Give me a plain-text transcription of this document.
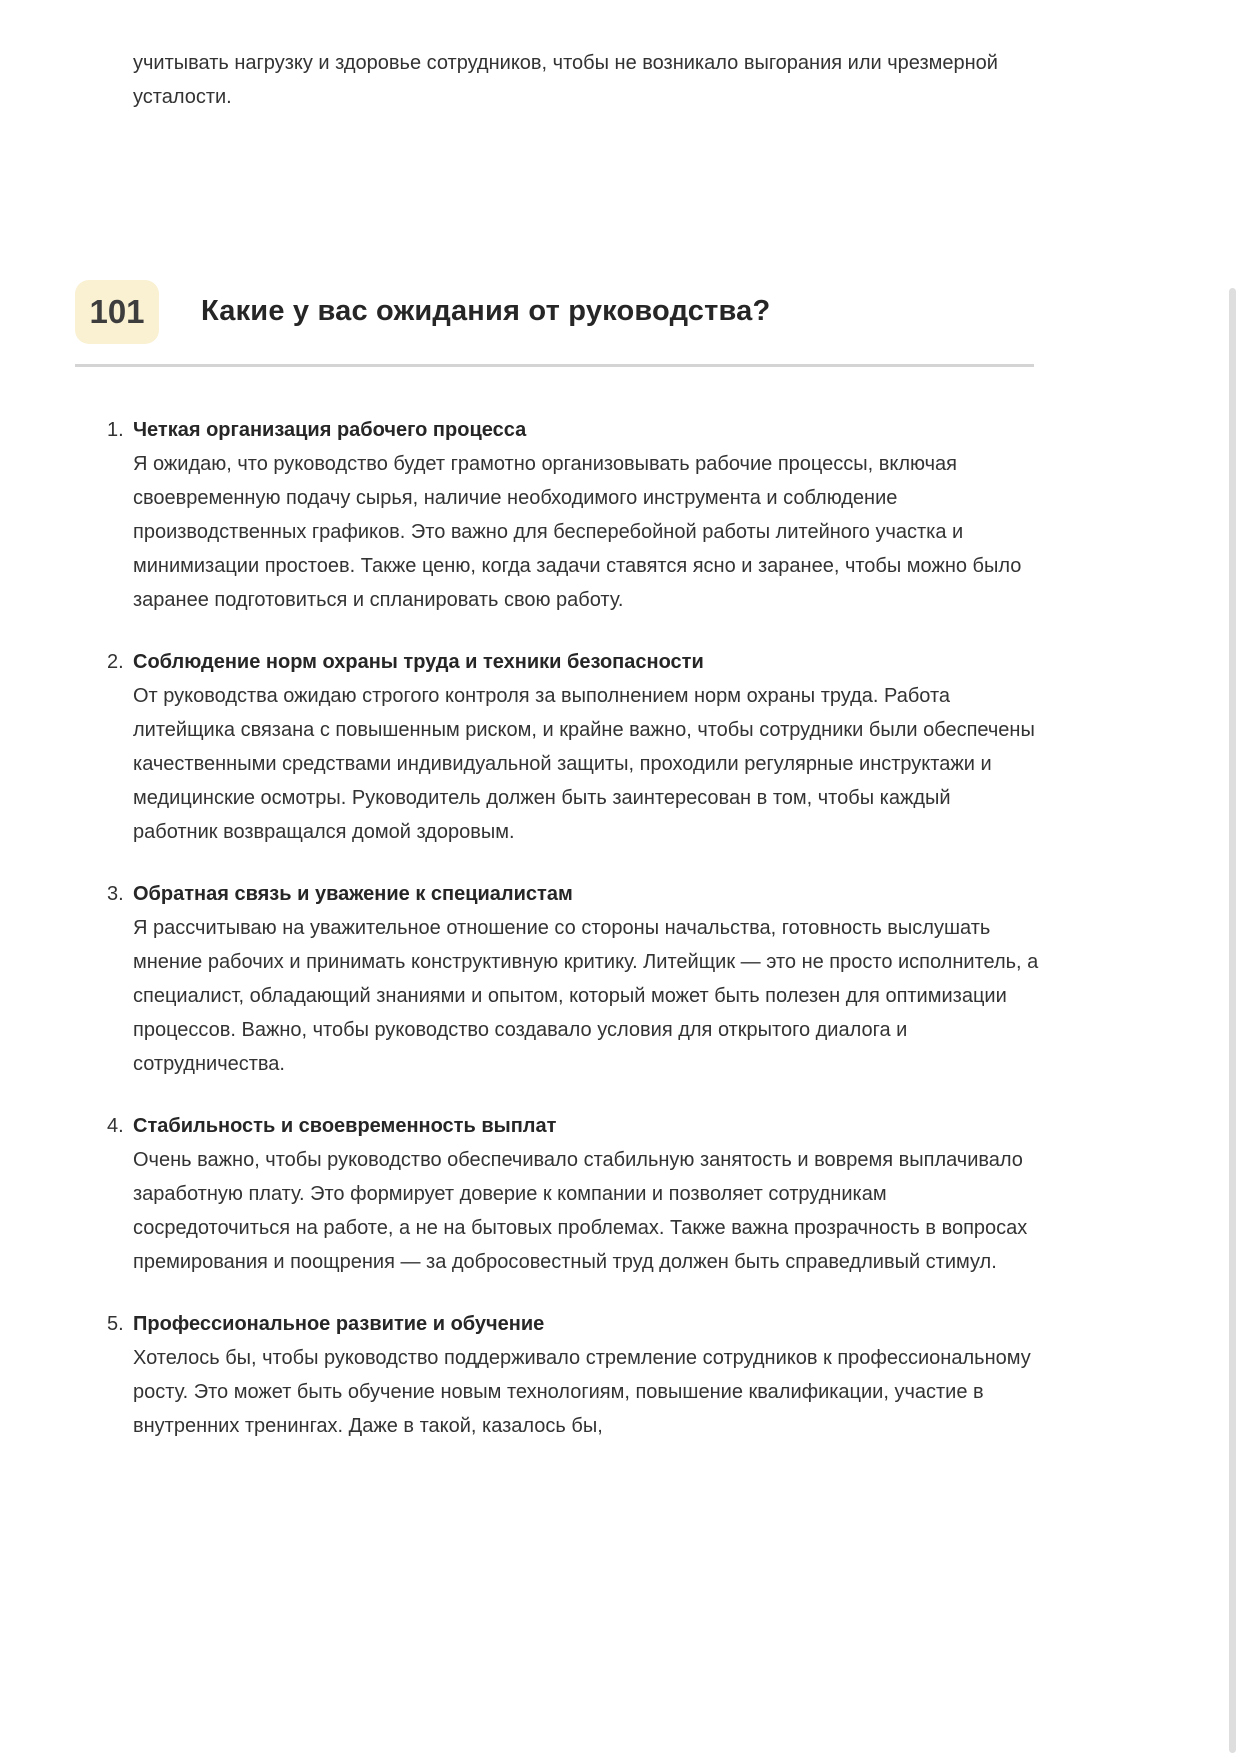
учитывать нагрузку и здоровье сотрудников, чтобы не возникало выгорания или чрезмерной усталости.

101	Какие у вас ожидания от руководства?
1. Четкая организация рабочего процесса
Я ожидаю, что руководство будет грамотно организовывать рабочие процессы, включая своевременную подачу сырья, наличие необходимого инструмента и соблюдение производственных графиков. Это важно для бесперебойной работы литейного участка и минимизации простоев. Также ценю, когда задачи ставятся ясно и заранее, чтобы можно было заранее подготовиться и спланировать свою работу.
2. Соблюдение норм охраны труда и техники безопасности
От руководства ожидаю строгого контроля за выполнением норм охраны труда. Работа литейщика связана с повышенным риском, и крайне важно, чтобы сотрудники были обеспечены качественными средствами индивидуальной защиты, проходили регулярные инструктажи и медицинские осмотры. Руководитель должен быть заинтересован в том, чтобы каждый работник возвращался домой здоровым.
3. Обратная связь и уважение к специалистам
Я рассчитываю на уважительное отношение со стороны начальства, готовность выслушать мнение рабочих и принимать конструктивную критику. Литейщик — это не просто исполнитель, а специалист, обладающий знаниями и опытом, который может быть полезен для оптимизации процессов. Важно, чтобы руководство создавало условия для открытого диалога и сотрудничества.
4. Стабильность и своевременность выплат
Очень важно, чтобы руководство обеспечивало стабильную занятость и вовремя выплачивало заработную плату. Это формирует доверие к компании и позволяет сотрудникам сосредоточиться на работе, а не на бытовых проблемах. Также важна прозрачность в вопросах премирования и поощрения — за добросовестный труд должен быть справедливый стимул.
5. Профессиональное развитие и обучение
Хотелось бы, чтобы руководство поддерживало стремление сотрудников к профессиональному росту. Это может быть обучение новым технологиям, повышение квалификации, участие в внутренних тренингах. Даже в такой, казалось бы,
